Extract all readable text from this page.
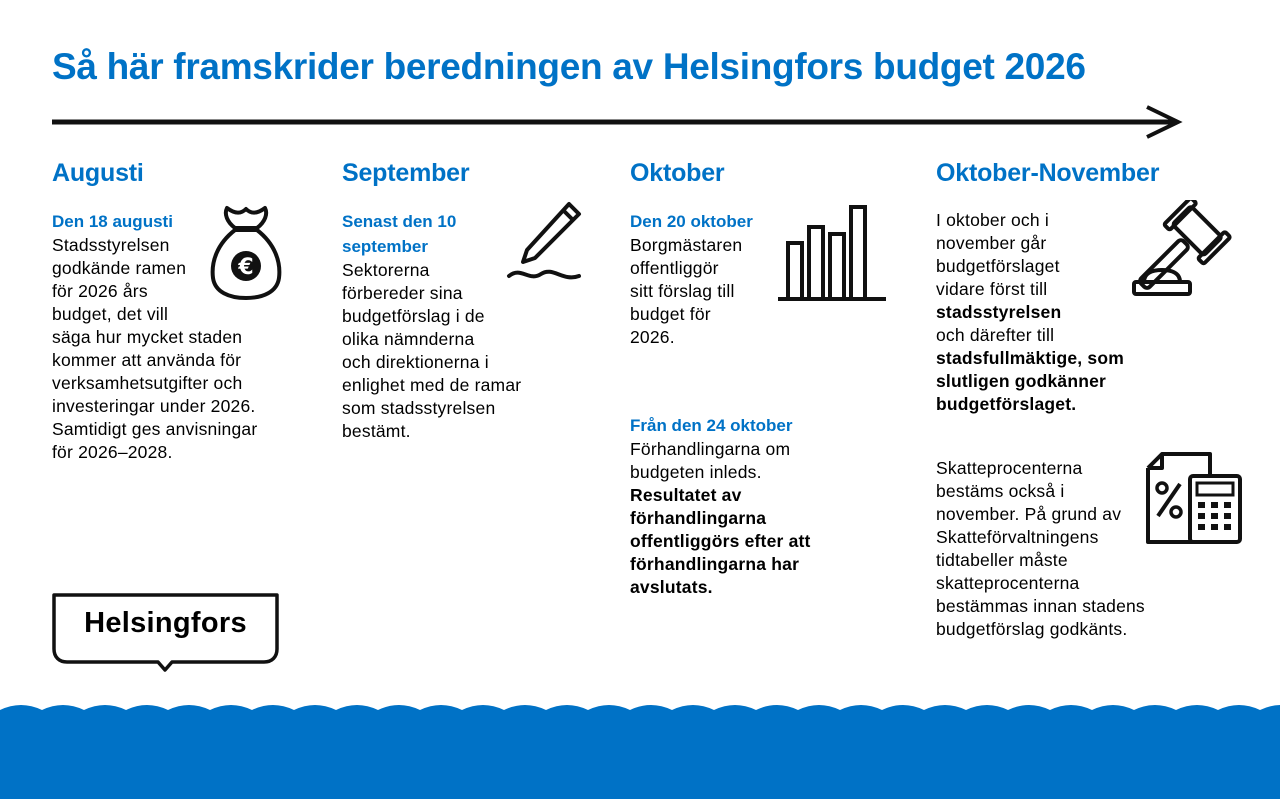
Så här framskrider beredningen av Helsingfors budget 2026
Augusti
Den 18 augusti
Stadsstyrelsen
godkände ramen
för 2026 års
budget, det vill
säga hur mycket staden
kommer att använda för
verksamhetsutgifter och
investeringar under 2026.
Samtidigt ges anvisningar
för 2026–2028.
€
September
Senast den 10
september
Sektorerna
förbereder sina
budgetförslag i de
olika nämnderna
och direktionerna i
enlighet med de ramar
som stadsstyrelsen
bestämt.
Oktober
Den 20 oktober
Borgmästaren
offentliggör
sitt förslag till
budget för
2026.
Från den 24 oktober
Förhandlingarna om
budgeten inleds.
Resultatet av
förhandlingarna
offentliggörs efter att
förhandlingarna har
avslutats.
Oktober-November
I oktober och i
november går
budgetförslaget
vidare först till
stadsstyrelsen
och därefter till
stadsfullmäktige, som
slutligen godkänner
budgetförslaget.
Skatteprocenterna
bestäms också i
november. På grund av
Skatteförvaltningens
tidtabeller måste
skatteprocenterna
bestämmas innan stadens
budgetförslag godkänts.
Helsingfors
